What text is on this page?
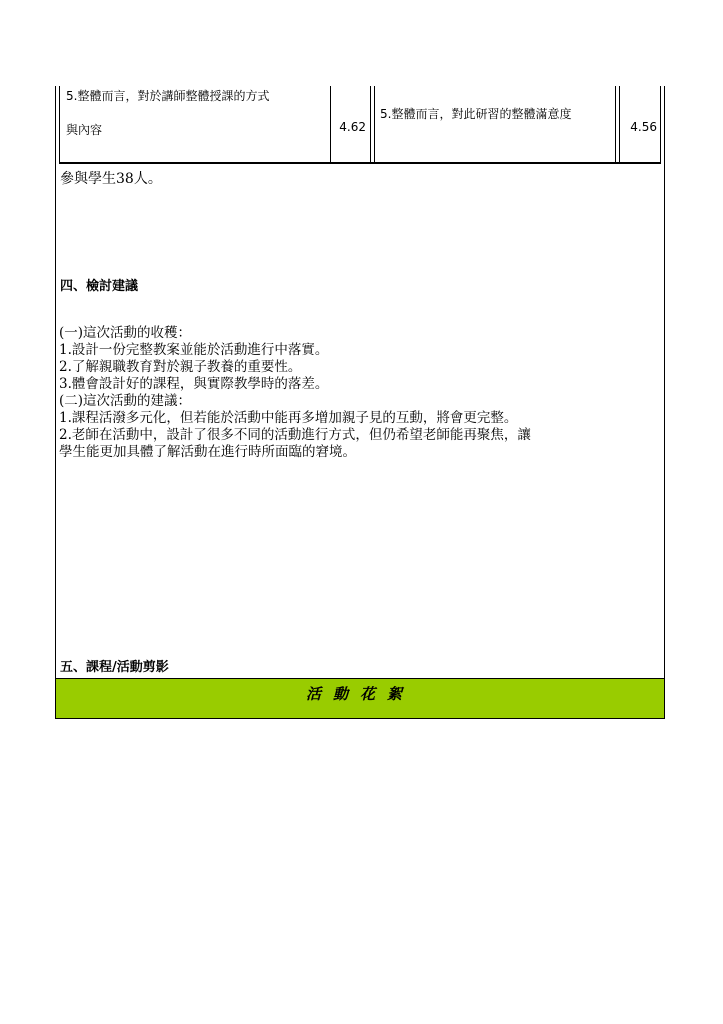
5.整體而言，對於講師整體授課的方式
與內容	4.62
5.整體而言，對此研習的整體滿意度
4.56
參與學生38人。
四、檢討建議
(一)這次活動的收穫：
1.設計一份完整教案並能於活動進行中落實。
2.了解親職教育對於親子教養的重要性。
3.體會設計好的課程，與實際教學時的落差。
(二)這次活動的建議：
1.課程活潑多元化，但若能於活動中能再多增加親子見的互動，將會更完整。
2.老師在活動中，設計了很多不同的活動進行方式，但仍希望老師能再聚焦，讓
學生能更加具體了解活動在進行時所面臨的窘境。
五、課程/活動剪影
活動花絮
